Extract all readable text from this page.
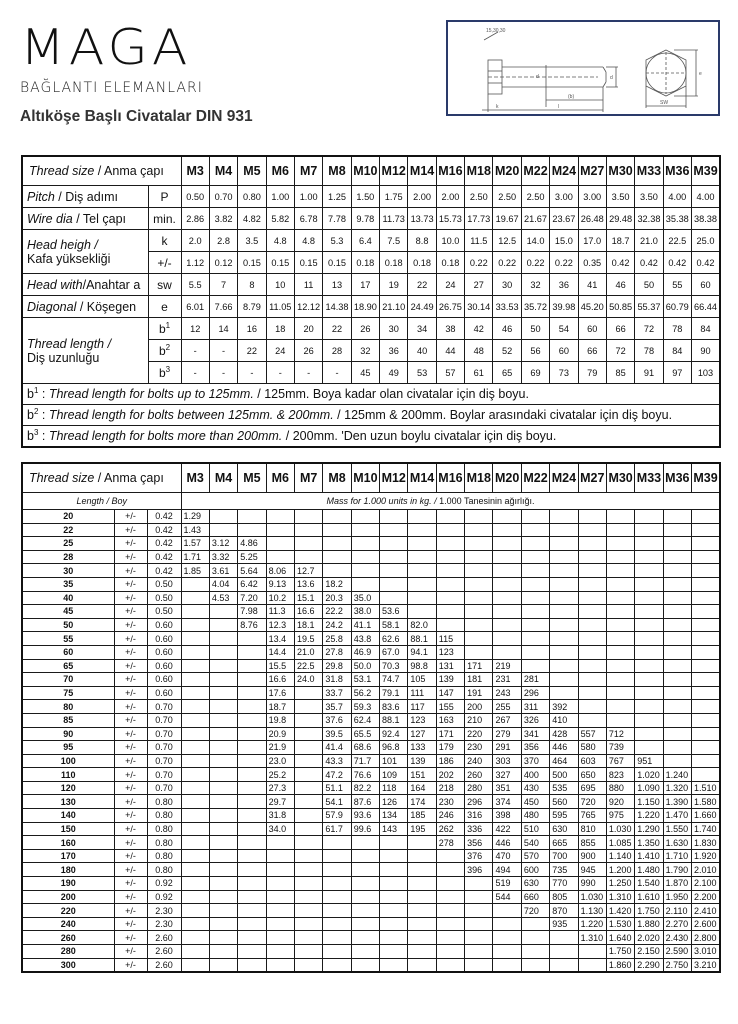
MAGA
BAĞLANTI ELEMANLARI
Altıköşe Başlı Civatalar DIN 931
15,30,30
(b)
d	d
k	l
e
SW
Thread size / Anma çapı		M3	M4	M5	M6	M7	M8	M10	M12	M14	M16	M18	M20	M22	M24	M27	M30	M33	M36	M39
Pitch / Diş adımı	P	0.50	0.70	0.80	1.00	1.00	1.25	1.50	1.75	2.00	2.00	2.50	2.50	2.50	3.00	3.00	3.50	3.50	4.00	4.00
Wire dia / Tel çapı	min.	2.86	3.82	4.82	5.82	6.78	7.78	9.78	11.73	13.73	15.73	17.73	19.67	21.67	23.67	26.48	29.48	32.38	35.38	38.38
Head heigh /
Kafa yüksekliği	k	2.0	2.8	3.5	4.8	4.8	5.3	6.4	7.5	8.8	10.0	11.5	12.5	14.0	15.0	17.0	18.7	21.0	22.5	25.0
	+/-	1.12	0.12	0.15	0.15	0.15	0.15	0.18	0.18	0.18	0.18	0.22	0.22	0.22	0.22	0.35	0.42	0.42	0.42	0.42
Head with/Anahtar a	sw	5.5	7	8	10	11	13	17	19	22	24	27	30	32	36	41	46	50	55	60
Diagonal / Köşegen	e	6.01	7.66	8.79	11.05	12.12	14.38	18.90	21.10	24.49	26.75	30.14	33.53	35.72	39.98	45.20	50.85	55.37	60.79	66.44
Thread length /
Diş uzunluğu	$b^1$	12	14	16	18	20	22	26	30	34	38	42	46	50	54	60	66	72	78	84
	$b^2$	-	-	22	24	26	28	32	36	40	44	48	52	56	60	66	72	78	84	90
	$b^3$	-	-	-	-	-	-	45	49	53	57	61	65	69	73	79	85	91	97	103
$b^1$ : Thread length for bolts up to 125mm. / 125mm. Boya kadar olan civatalar için diş boyu.																				
$b^2$ : Thread length for bolts between 125mm. & 200mm. / 125mm & 200mm. Boylar arasındaki civatalar için diş boyu.																				
$b^3$ : Thread length for bolts more than 200mm. / 200mm. 'Den uzun boylu civatalar için diş boyu.																				
Thread size / Anma çapı			M3	M4	M5	M6	M7	M8	M10	M12	M14	M16	M18	M20	M22	M24	M27	M30	M33	M36	M39
Length / Boy			Mass for 1.000 units in kg. / 1.000 Tanesinin ağırlığı.																		
20	+/-	0.42	1.29																		
22	+/-	0.42	1.43																		
25	+/-	0.42	1.57	3.12	4.86																
28	+/-	0.42	1.71	3.32	5.25																
30	+/-	0.42	1.85	3.61	5.64	8.06	12.7														
35	+/-	0.50		4.04	6.42	9.13	13.6	18.2													
40	+/-	0.50		4.53	7.20	10.2	15.1	20.3	35.0												
45	+/-	0.50			7.98	11.3	16.6	22.2	38.0	53.6											
50	+/-	0.60			8.76	12.3	18.1	24.2	41.1	58.1	82.0										
55	+/-	0.60				13.4	19.5	25.8	43.8	62.6	88.1	115									
60	+/-	0.60				14.4	21.0	27.8	46.9	67.0	94.1	123									
65	+/-	0.60				15.5	22.5	29.8	50.0	70.3	98.8	131	171	219							
70	+/-	0.60				16.6	24.0	31.8	53.1	74.7	105	139	181	231	281						
75	+/-	0.60				17.6		33.7	56.2	79.1	111	147	191	243	296						
80	+/-	0.70				18.7		35.7	59.3	83.6	117	155	200	255	311	392					
85	+/-	0.70				19.8		37.6	62.4	88.1	123	163	210	267	326	410					
90	+/-	0.70				20.9		39.5	65.5	92.4	127	171	220	279	341	428	557	712			
95	+/-	0.70				21.9		41.4	68.6	96.8	133	179	230	291	356	446	580	739			
100	+/-	0.70				23.0		43.3	71.7	101	139	186	240	303	370	464	603	767	951		
110	+/-	0.70				25.2		47.2	76.6	109	151	202	260	327	400	500	650	823	1.020	1.240	
120	+/-	0.70				27.3		51.1	82.2	118	164	218	280	351	430	535	695	880	1.090	1.320	1.510
130	+/-	0.80				29.7		54.1	87.6	126	174	230	296	374	450	560	720	920	1.150	1.390	1.580
140	+/-	0.80				31.8		57.9	93.6	134	185	246	316	398	480	595	765	975	1.220	1.470	1.660
150	+/-	0.80				34.0		61.7	99.6	143	195	262	336	422	510	630	810	1.030	1.290	1.550	1.740
160	+/-	0.80										278	356	446	540	665	855	1.085	1.350	1.630	1.830
170	+/-	0.80											376	470	570	700	900	1.140	1.410	1.710	1.920
180	+/-	0.80											396	494	600	735	945	1.200	1.480	1.790	2.010
190	+/-	0.92												519	630	770	990	1.250	1.540	1.870	2.100
200	+/-	0.92												544	660	805	1.030	1.310	1.610	1.950	2.200
220	+/-	2.30													720	870	1.130	1.420	1.750	2.110	2.410
240	+/-	2.30														935	1.220	1.530	1.880	2.270	2.600
260	+/-	2.60															1.310	1.640	2.020	2.430	2.800
280	+/-	2.60																1.750	2.150	2.590	3.010
300	+/-	2.60																1.860	2.290	2.750	3.210
